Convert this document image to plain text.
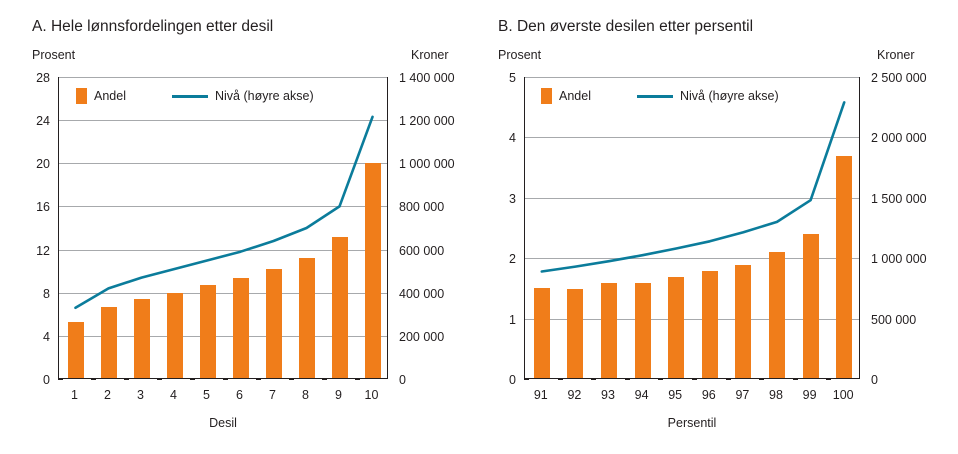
A. Hele lønnsfordelingen etter desil
Prosent	Kroner
28
24
20
16
12
8
4
0
1 400 000
1 200 000
1 000 000
800 000
600 000
400 000
200 000
0
1	2	3	4	5	6	7	8	9	10
Desil
Andel	Nivå (høyre akse)
B. Den øverste desilen etter persentil
Prosent	Kroner
5
4
3
2
1
0
2 500 000
2 000 000
1 500 000
1 000 000
500 000
0
91	92	93	94	95	96	97	98	99	100
Persentil
Andel	Nivå (høyre akse)
